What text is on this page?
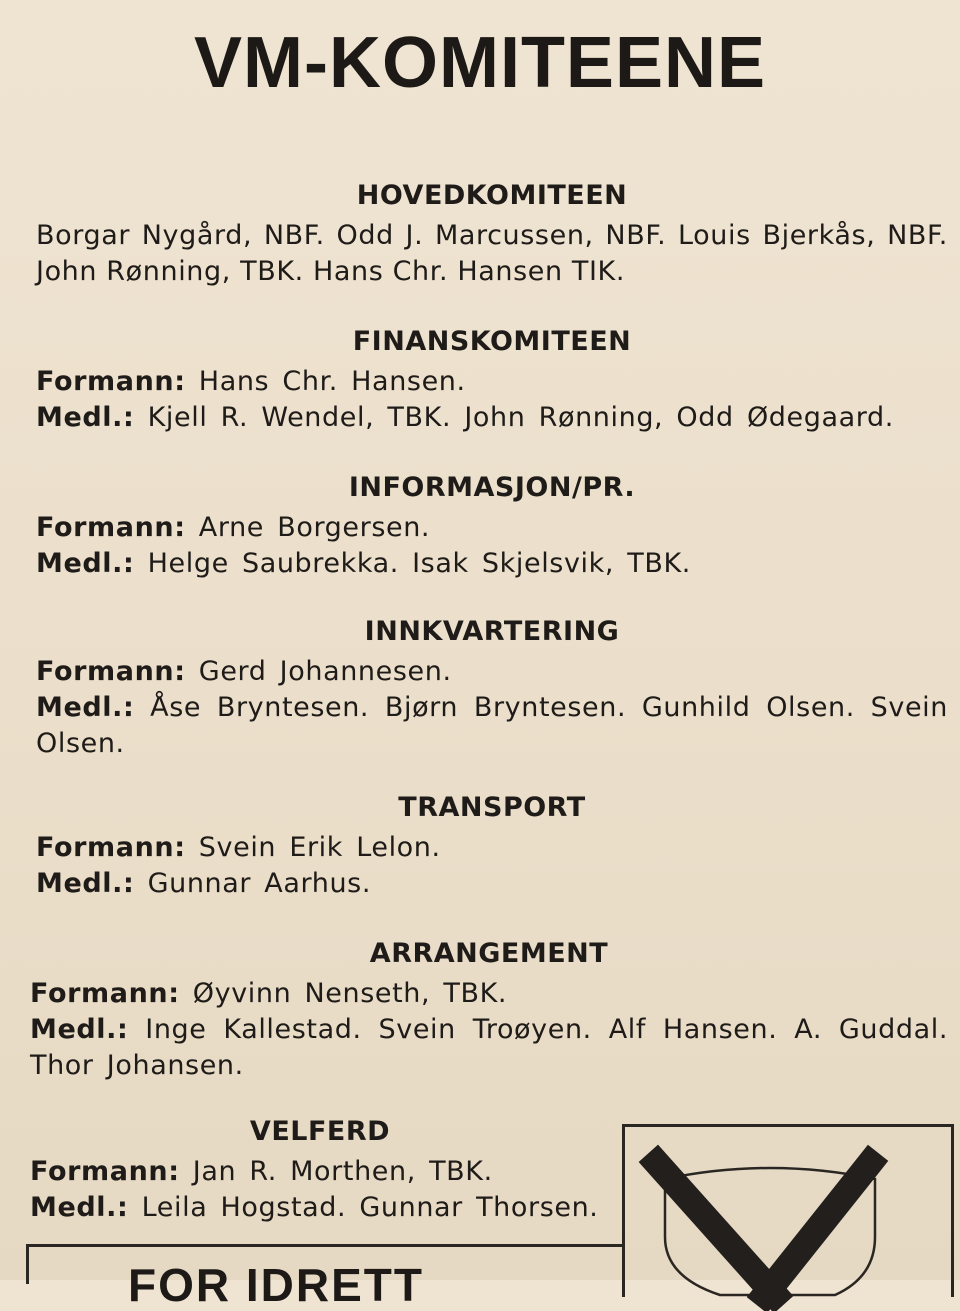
VM-KOMITEENE
HOVEDKOMITEEN

Borgar Nygård, NBF. Odd J. Marcussen, NBF. Louis Bjerkås, NBF. John Rønning, TBK. Hans Chr. Hansen TIK.

FINANSKOMITEEN

Formann: Hans Chr. Hansen.

Medl.: Kjell R. Wendel, TBK. John Rønning, Odd Ødegaard.

INFORMASJON/PR.

Formann: Arne Borgersen.

Medl.: Helge Saubrekka. Isak Skjelsvik, TBK.

INNKVARTERING

Formann: Gerd Johannesen.

Medl.: Åse Bryntesen. Bjørn Bryntesen. Gunhild Olsen. Svein Olsen.

TRANSPORT

Formann: Svein Erik Lelon.

Medl.: Gunnar Aarhus.

ARRANGEMENT

Formann: Øyvinn Nenseth, TBK.

Medl.: Inge Kallestad. Svein Troøyen. Alf Hansen. A. Guddal. Thor Johansen.

VELFERD

Formann: Jan R. Morthen, TBK.

Medl.: Leila Hogstad. Gunnar Thorsen.

FOR IDRETT
